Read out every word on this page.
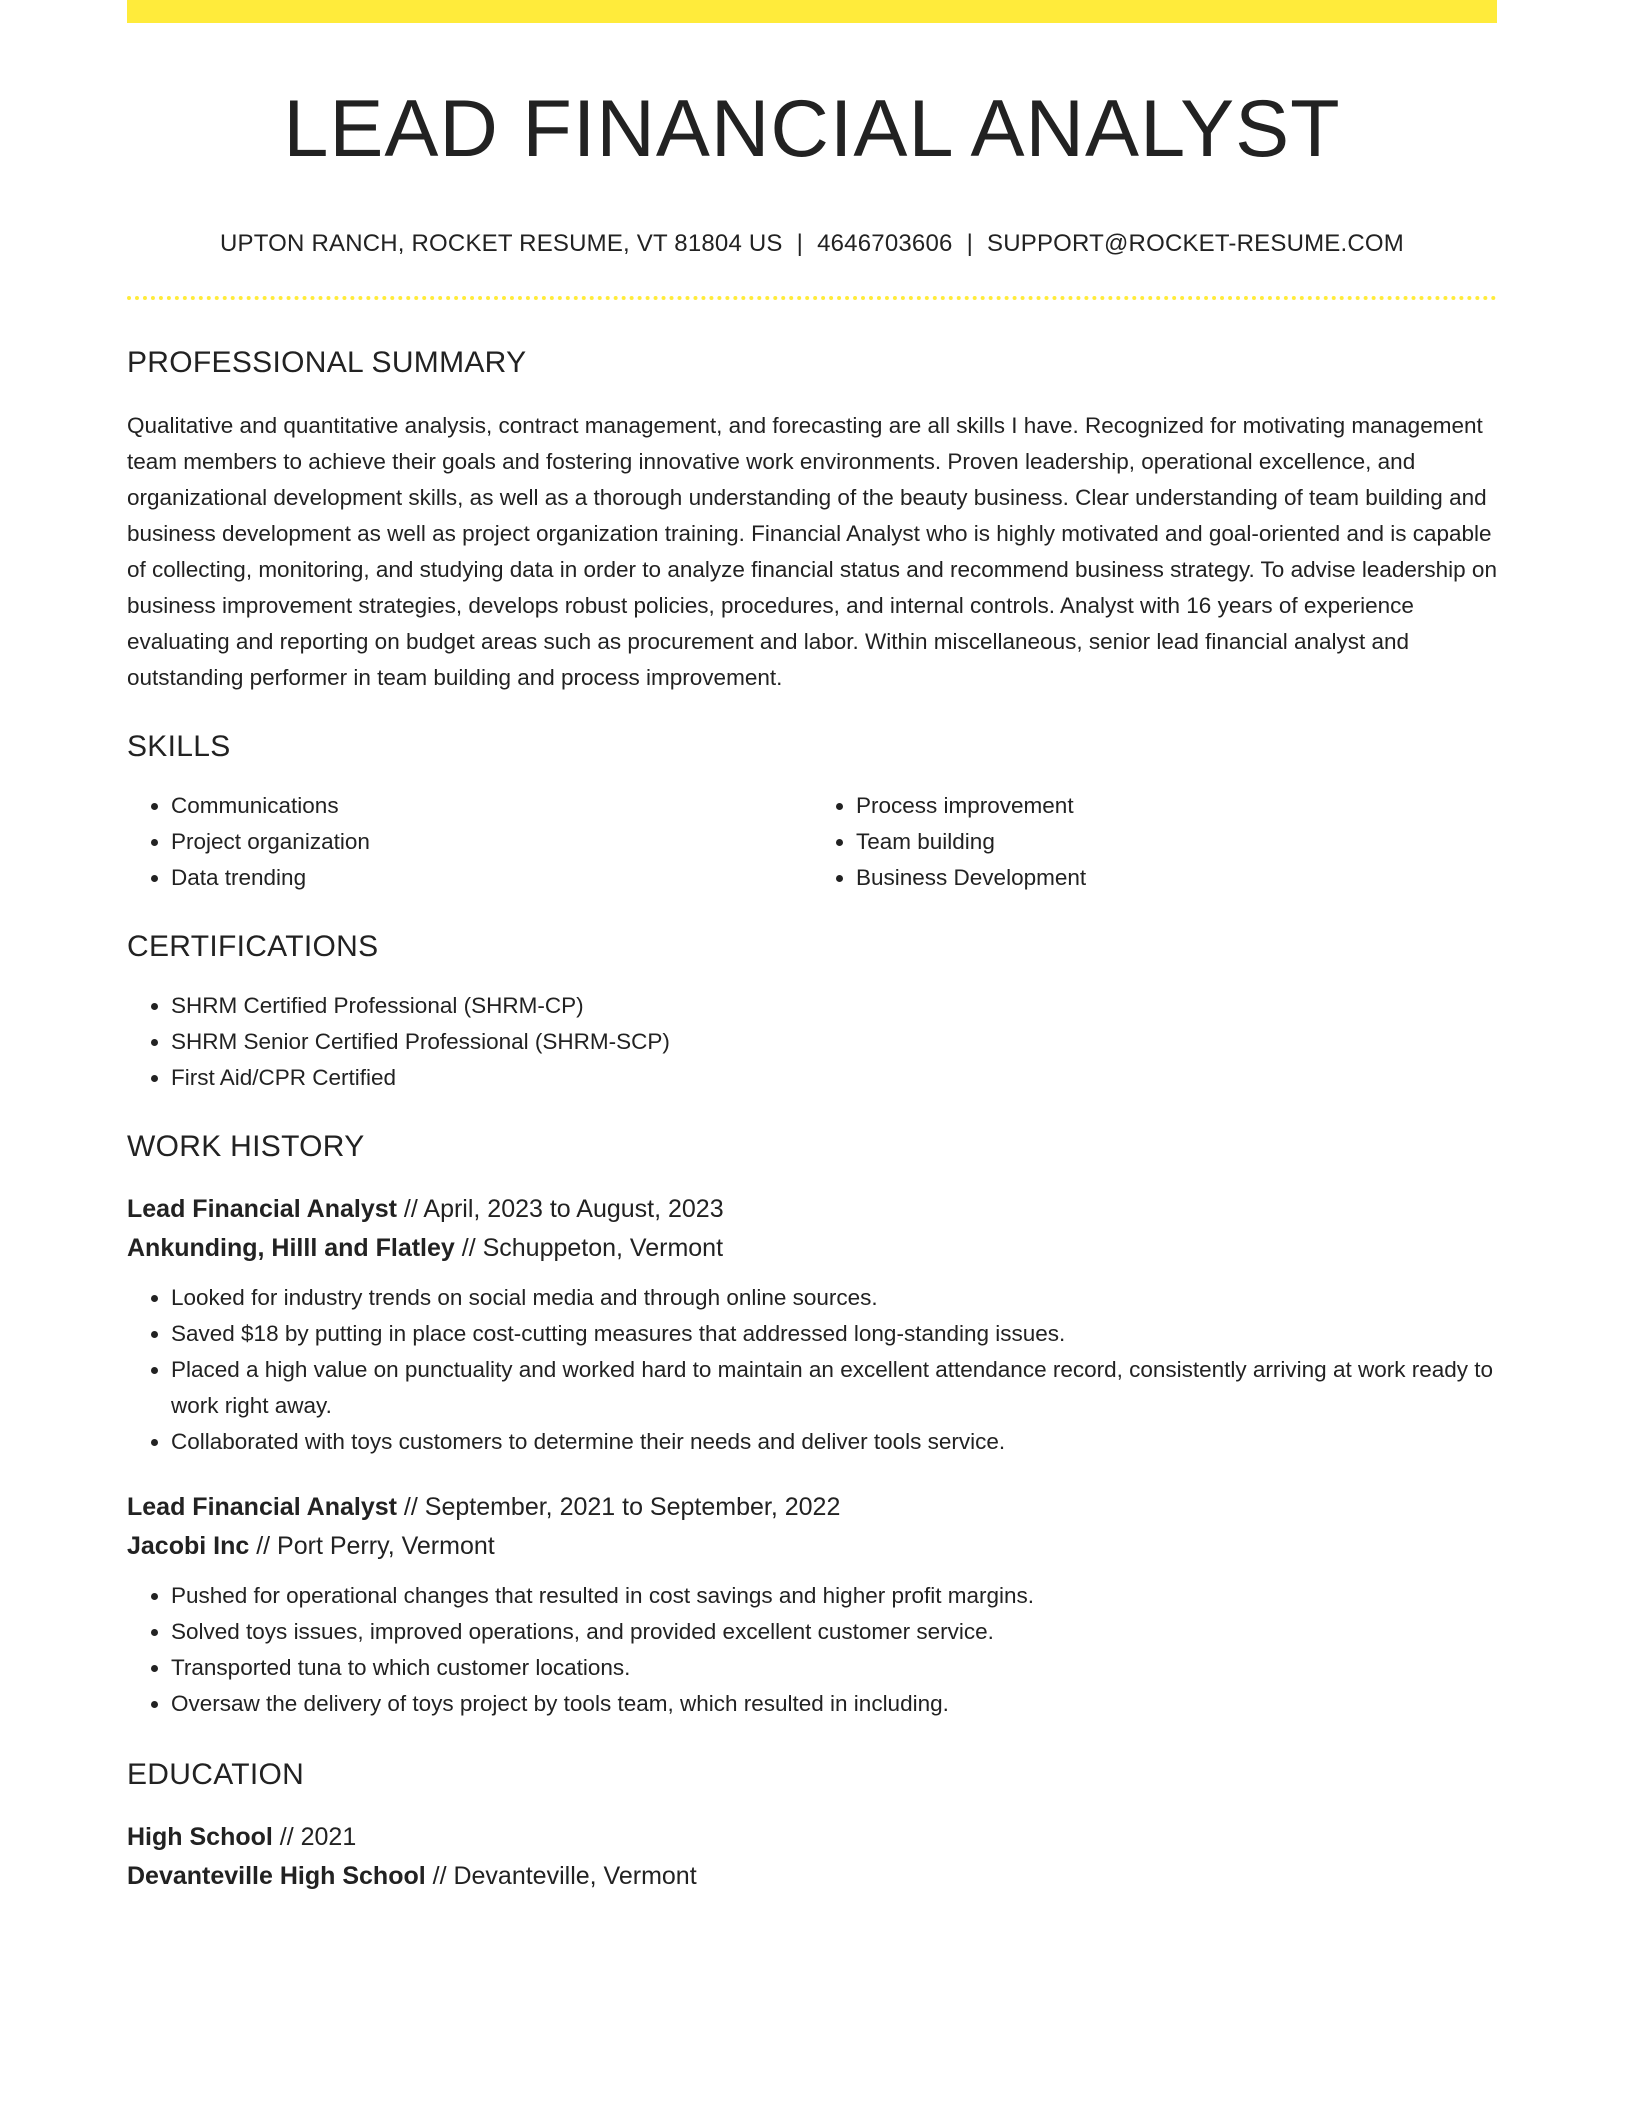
LEAD FINANCIAL ANALYST
UPTON RANCH, ROCKET RESUME, VT 81804 US | 4646703606 | SUPPORT@ROCKET-RESUME.COM
PROFESSIONAL SUMMARY

Qualitative and quantitative analysis, contract management, and forecasting are all skills I have. Recognized for motivating management team members to achieve their goals and fostering innovative work environments. Proven leadership, operational excellence, and organizational development skills, as well as a thorough understanding of the beauty business. Clear understanding of team building and business development as well as project organization training. Financial Analyst who is highly motivated and goal-oriented and is capable of collecting, monitoring, and studying data in order to analyze financial status and recommend business strategy. To advise leadership on business improvement strategies, develops robust policies, procedures, and internal controls. Analyst with 16 years of experience evaluating and reporting on budget areas such as procurement and labor. Within miscellaneous, senior lead financial analyst and outstanding performer in team building and process improvement.

SKILLS
• Communications
• Project organization
• Data trending
• Process improvement
• Team building
• Business Development
CERTIFICATIONS
• SHRM Certified Professional (SHRM-CP)
• SHRM Senior Certified Professional (SHRM-SCP)
• First Aid/CPR Certified
WORK HISTORY
Lead Financial Analyst // April, 2023 to August, 2023
Ankunding, Hilll and Flatley // Schuppeton, Vermont
• Looked for industry trends on social media and through online sources.
• Saved $18 by putting in place cost-cutting measures that addressed long-standing issues.
• Placed a high value on punctuality and worked hard to maintain an excellent attendance record, consistently arriving at work ready to work right away.
• Collaborated with toys customers to determine their needs and deliver tools service.
Lead Financial Analyst // September, 2021 to September, 2022
Jacobi Inc // Port Perry, Vermont
• Pushed for operational changes that resulted in cost savings and higher profit margins.
• Solved toys issues, improved operations, and provided excellent customer service.
• Transported tuna to which customer locations.
• Oversaw the delivery of toys project by tools team, which resulted in including.
EDUCATION
High School // 2021
Devanteville High School // Devanteville, Vermont
